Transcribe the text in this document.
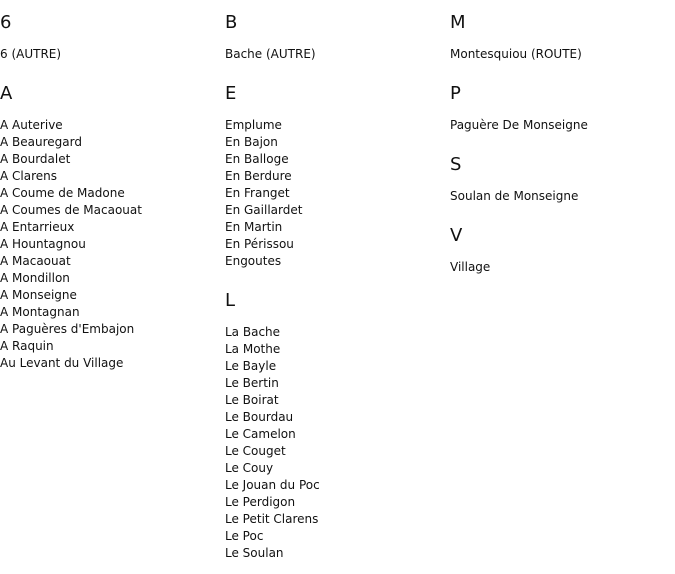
6
6 (AUTRE)
A
A Auterive
A Beauregard
A Bourdalet
A Clarens
A Coume de Madone
A Coumes de Macaouat
A Entarrieux
A Hountagnou
A Macaouat
A Mondillon
A Monseigne
A Montagnan
A Paguères d'Embajon
A Raquin
Au Levant du Village
B
Bache (AUTRE)
E
Emplume
En Bajon
En Balloge
En Berdure
En Franget
En Gaillardet
En Martin
En Périssou
Engoutes
L
La Bache
La Mothe
Le Bayle
Le Bertin
Le Boirat
Le Bourdau
Le Camelon
Le Couget
Le Couy
Le Jouan du Poc
Le Perdigon
Le Petit Clarens
Le Poc
Le Soulan
M
Montesquiou (ROUTE)
P
Paguère De Monseigne
S
Soulan de Monseigne
V
Village
